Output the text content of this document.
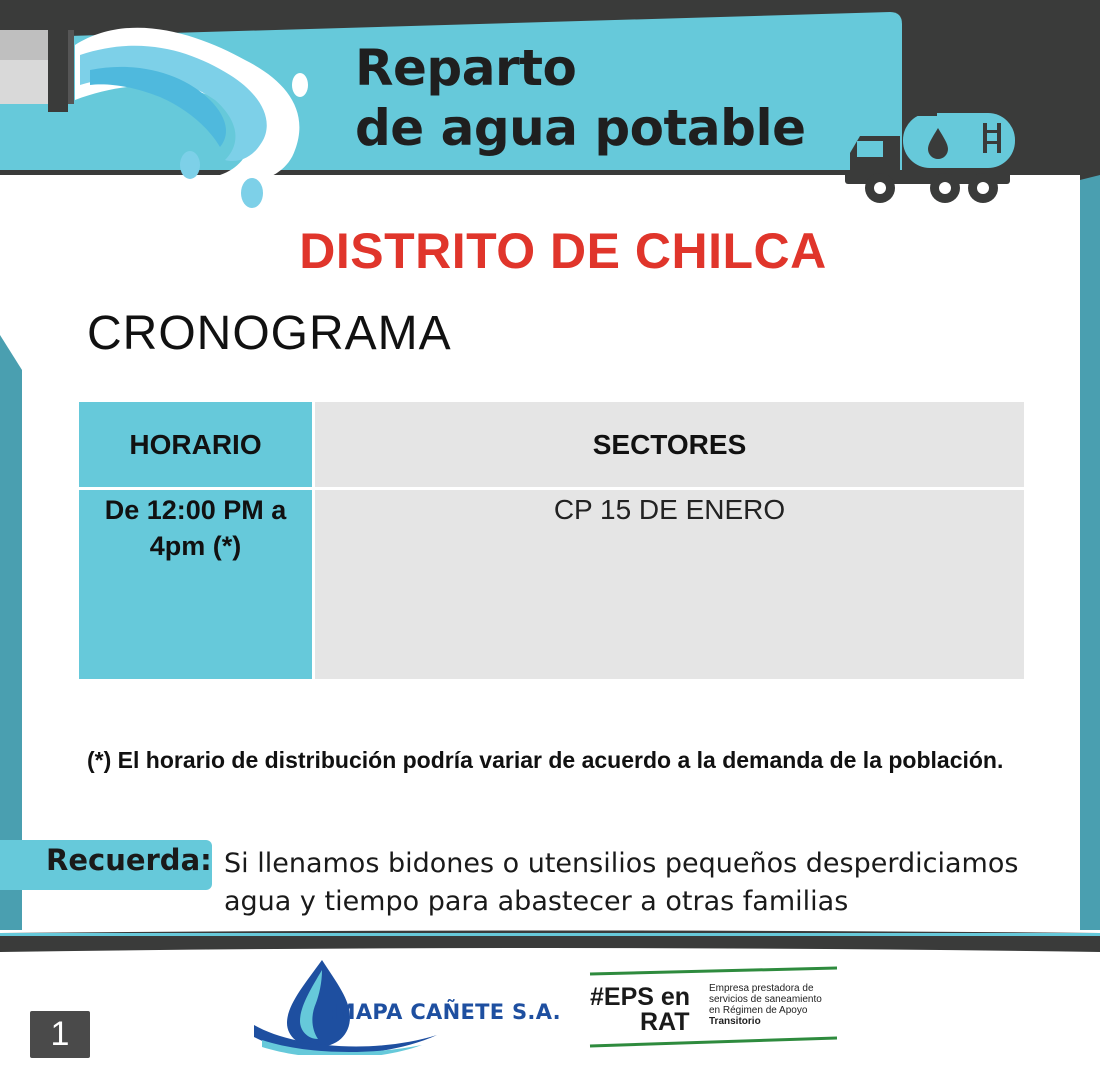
Reparto
de agua potable
DISTRITO DE CHILCA
CRONOGRAMA
HORARIO	SECTORES

De 12:00 PM a
4pm (*)	CP 15 DE ENERO
(*) El horario de distribución podría variar de acuerdo a la demanda de la población.
Recuerda: Si llenamos bidones o utensilios pequeños desperdiciamos
agua y tiempo para abastecer a otras familias
EMAPA CAÑETE S.A.
#EPS en
RAT
Empresa prestadora de
servicios de saneamiento
en Régimen de Apoyo
Transitorio
1
